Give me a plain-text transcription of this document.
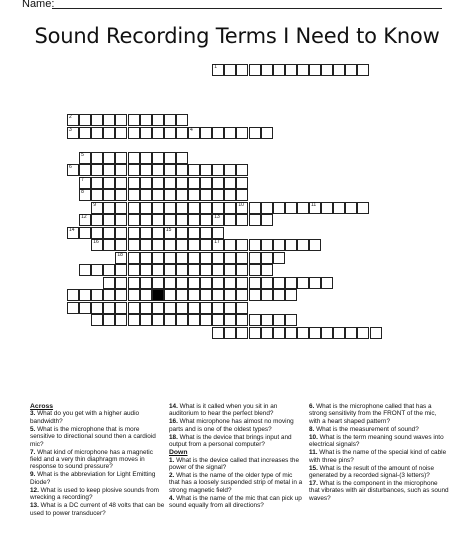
Name:
Sound Recording Terms I Need to Know
1
2
3	4
5
6
7
8
9	10	11
12	13
14	15
16	17
18
Across
3. What do you get with a higher audio bandwidth?
5. What is the microphone that is more sensitive to directional sound then a cardioid mic?
7. What kind of microphone has a magnetic field and a very thin diaphragm moves in response to sound pressure?
9. What is the abbreviation for Light Emitting Diode?
12. What is used to keep plosive sounds from wrecking a recording?
13. What is a DC current of 48 volts that can be used to power transducer?
14. What is it called when you sit in an auditorium to hear the perfect blend?
16. What microphone has almost no moving parts and is one of the oldest types?
18. What is the device that brings input and output from a personal computer?
Down
1. What is the device called that increases the power of the signal?
2. What is the name of the older type of mic that has a loosely suspended strip of metal in a strong magnetic field?
4. What is the name of the mic that can pick up sound equally from all directions?
6. What is the microphone called that has a strong sensitivity from the FRONT of the mic, with a heart shaped pattern?
8. What is the measurement of sound?
10. What is the term meaning sound waves into electrical signals?
11. What is the name of the special kind of cable with three pins?
15. What is the result of the amount of noise generated by a recorded signal-(3 letters)?
17. What is the component in the microphone that vibrates with air disturbances, such as sound waves?
